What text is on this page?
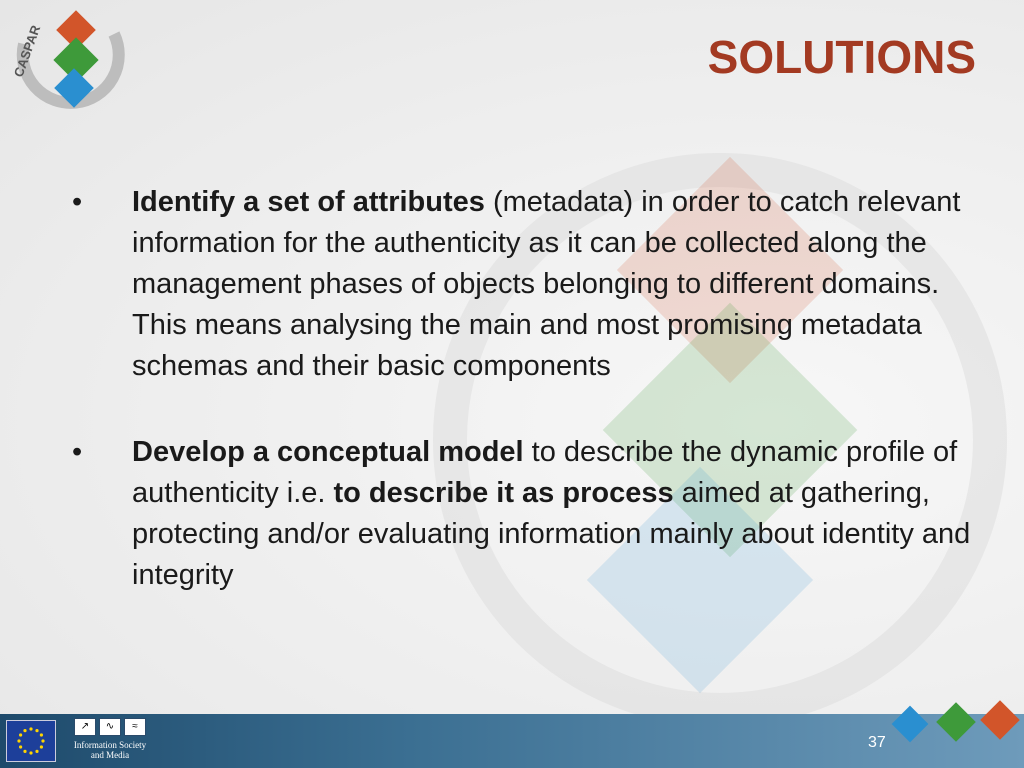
CASPAR	SOLUTIONS
•	Identify a set of attributes (metadata) in order to catch relevant information for the authenticity as it can be collected along the management phases of objects belonging to different domains. This means analysing the main and most promising metadata schemas and their basic components
•	Develop a conceptual model to describe the dynamic profile of authenticity i.e. to describe it as process aimed at gathering, protecting and/or evaluating information mainly about identity and integrity
↗	∿	≈
Information Society
and Media
37
